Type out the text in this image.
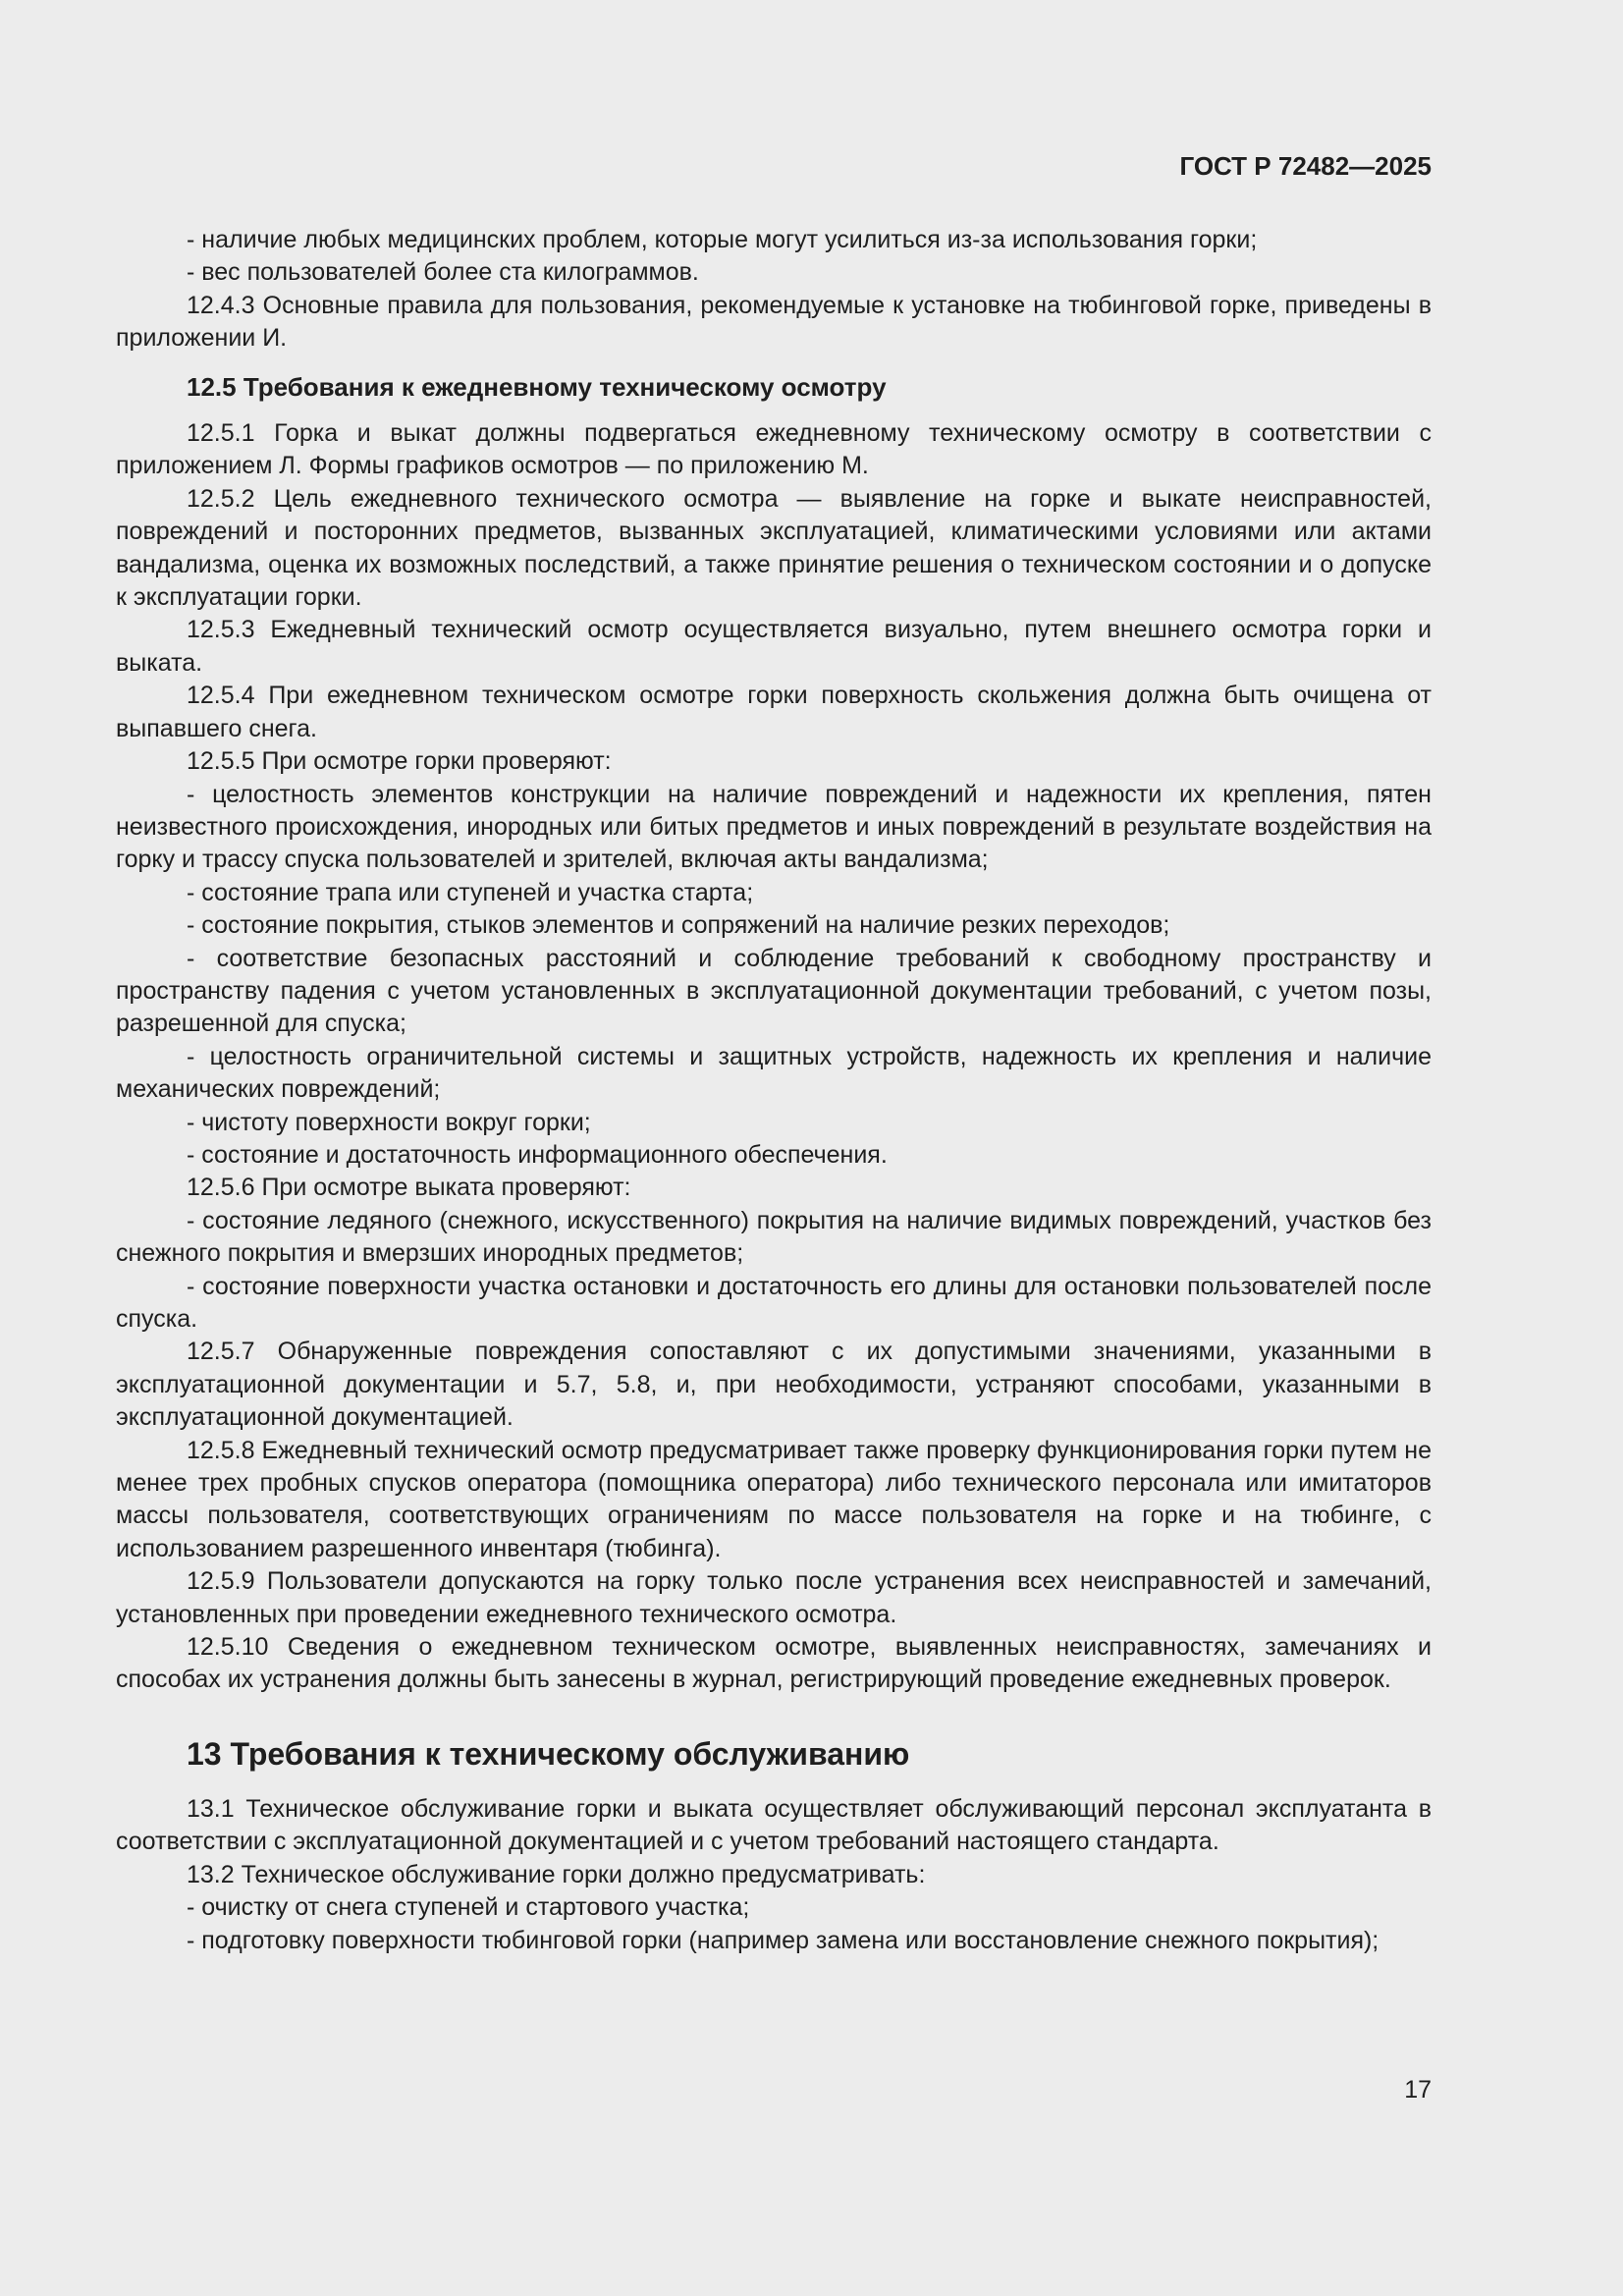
ГОСТ Р 72482—2025

- наличие любых медицинских проблем, которые могут усилиться из-за использования горки;

- вес пользователей более ста килограммов.

12.4.3 Основные правила для пользования, рекомендуемые к установке на тюбинговой горке, приведены в приложении И.

12.5 Требования к ежедневному техническому осмотру

12.5.1 Горка и выкат должны подвергаться ежедневному техническому осмотру в соответствии с приложением Л. Формы графиков осмотров — по приложению М.

12.5.2 Цель ежедневного технического осмотра — выявление на горке и выкате неисправностей, повреждений и посторонних предметов, вызванных эксплуатацией, климатическими условиями или актами вандализма, оценка их возможных последствий, а также принятие решения о техническом состоянии и о допуске к эксплуатации горки.

12.5.3 Ежедневный технический осмотр осуществляется визуально, путем внешнего осмотра горки и выката.

12.5.4 При ежедневном техническом осмотре горки поверхность скольжения должна быть очищена от выпавшего снега.

12.5.5 При осмотре горки проверяют:

- целостность элементов конструкции на наличие повреждений и надежности их крепления, пятен неизвестного происхождения, инородных или битых предметов и иных повреждений в результате воздействия на горку и трассу спуска пользователей и зрителей, включая акты вандализма;

- состояние трапа или ступеней и участка старта;

- состояние покрытия, стыков элементов и сопряжений на наличие резких переходов;

- соответствие безопасных расстояний и соблюдение требований к свободному пространству и пространству падения с учетом установленных в эксплуатационной документации требований, с учетом позы, разрешенной для спуска;

- целостность ограничительной системы и защитных устройств, надежность их крепления и наличие механических повреждений;

- чистоту поверхности вокруг горки;

- состояние и достаточность информационного обеспечения.

12.5.6 При осмотре выката проверяют:

- состояние ледяного (снежного, искусственного) покрытия на наличие видимых повреждений, участков без снежного покрытия и вмерзших инородных предметов;

- состояние поверхности участка остановки и достаточность его длины для остановки пользователей после спуска.

12.5.7 Обнаруженные повреждения сопоставляют с их допустимыми значениями, указанными в эксплуатационной документации и 5.7, 5.8, и, при необходимости, устраняют способами, указанными в эксплуатационной документацией.

12.5.8 Ежедневный технический осмотр предусматривает также проверку функционирования горки путем не менее трех пробных спусков оператора (помощника оператора) либо технического персонала или имитаторов массы пользователя, соответствующих ограничениям по массе пользователя на горке и на тюбинге, с использованием разрешенного инвентаря (тюбинга).

12.5.9 Пользователи допускаются на горку только после устранения всех неисправностей и замечаний, установленных при проведении ежедневного технического осмотра.

12.5.10 Сведения о ежедневном техническом осмотре, выявленных неисправностях, замечаниях и способах их устранения должны быть занесены в журнал, регистрирующий проведение ежедневных проверок.

13 Требования к техническому обслуживанию

13.1 Техническое обслуживание горки и выката осуществляет обслуживающий персонал эксплуатанта в соответствии с эксплуатационной документацией и с учетом требований настоящего стандарта.

13.2 Техническое обслуживание горки должно предусматривать:

- очистку от снега ступеней и стартового участка;

- подготовку поверхности тюбинговой горки (например замена или восстановление снежного покрытия);

17
